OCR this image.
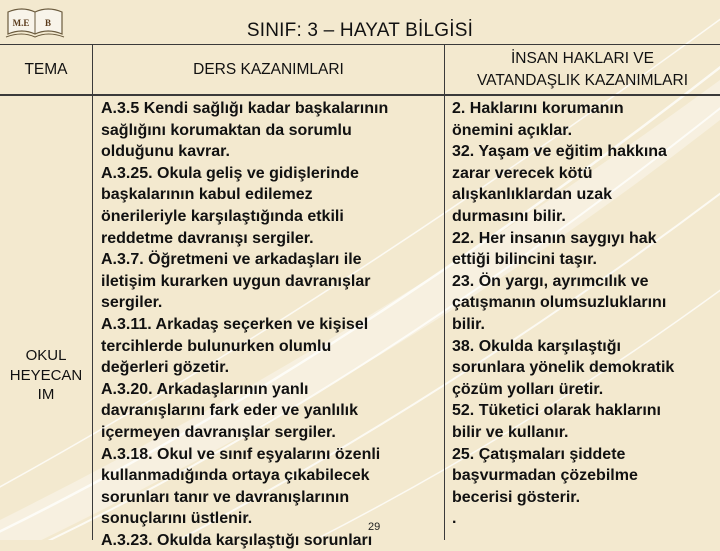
M.E B	SINIF: 3 – HAYAT BİLGİSİ
TEMA	DERS KAZANIMLARI
İNSAN HAKLARI VE
VATANDAŞLIK KAZANIMLARI
OKUL
HEYECAN
IM

A.3.5 Kendi sağlığı kadar başkalarının
sağlığını korumaktan da sorumlu
olduğunu kavrar.
A.3.25. Okula geliş ve gidişlerinde
başkalarının kabul edilemez
önerileriyle karşılaştığında etkili
reddetme davranışı sergiler.
A.3.7. Öğretmeni ve arkadaşları ile
iletişim kurarken uygun davranışlar
sergiler.
A.3.11. Arkadaş seçerken ve kişisel
tercihlerde bulunurken olumlu
değerleri gözetir.
A.3.20. Arkadaşlarının yanlı
davranışlarını fark eder ve yanlılık
içermeyen davranışlar sergiler.
A.3.18. Okul ve sınıf eşyalarını özenli
kullanmadığında ortaya çıkabilecek
sorunları tanır ve davranışlarının
sonuçlarını üstlenir.
A.3.23. Okulda karşılaştığı sorunları

2. Haklarını korumanın
önemini açıklar.
32. Yaşam ve eğitim hakkına
zarar verecek kötü
alışkanlıklardan uzak
durmasını bilir.
22. Her insanın saygıyı hak
ettiği bilincini taşır.
23. Ön yargı, ayrımcılık ve
çatışmanın olumsuzluklarını
bilir.
38. Okulda karşılaştığı
sorunlara yönelik demokratik
çözüm yolları üretir.
52. Tüketici olarak haklarını
bilir ve kullanır.
25. Çatışmaları şiddete
başvurmadan çözebilme
becerisi gösterir.
.

29
